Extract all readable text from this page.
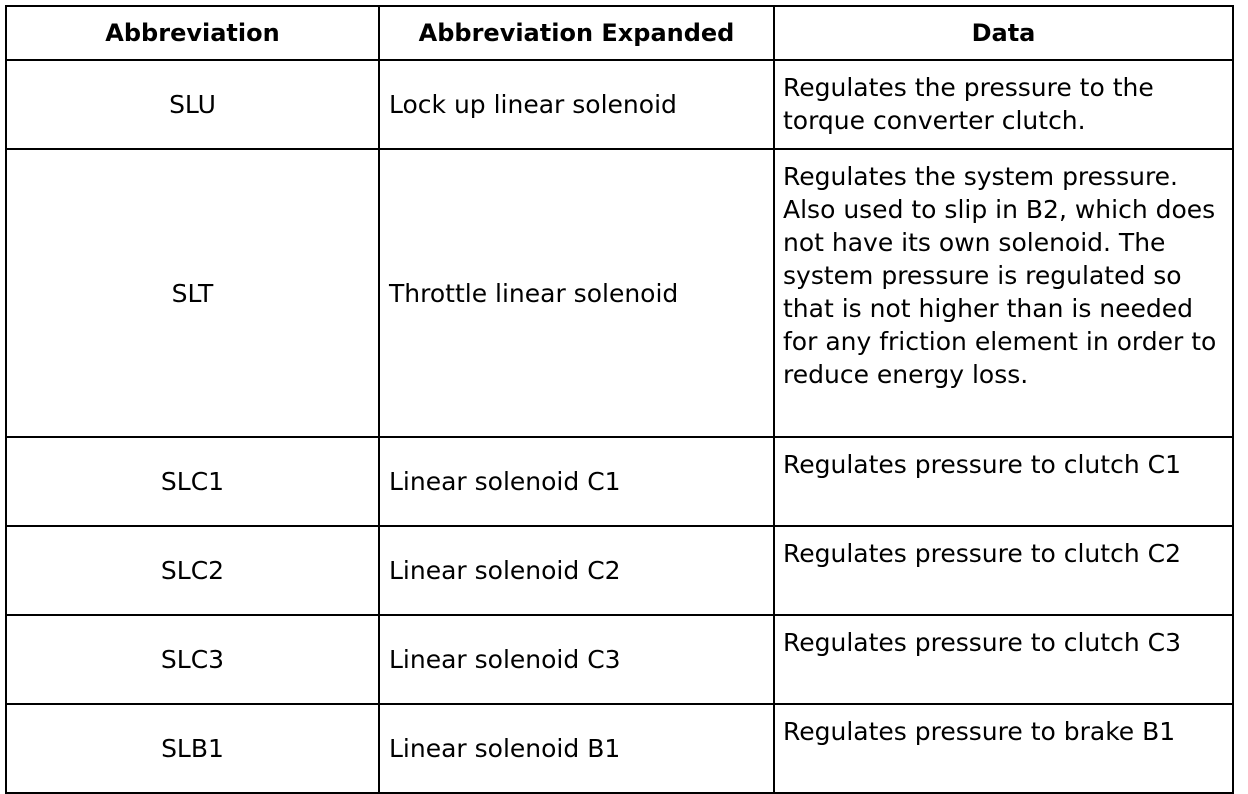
Abbreviation	Abbreviation Expanded	Data
SLU	Lock up linear solenoid	Regulates the pressure to the torque converter clutch.
SLT	Throttle linear solenoid	Regulates the system pressure. Also used to slip in B2, which does not have its own solenoid. The system pressure is regulated so that is not higher than is needed for any friction element in order to reduce energy loss.
SLC1	Linear solenoid C1	Regulates pressure to clutch C1
SLC2	Linear solenoid C2	Regulates pressure to clutch C2
SLC3	Linear solenoid C3	Regulates pressure to clutch C3
SLB1	Linear solenoid B1	Regulates pressure to brake B1
